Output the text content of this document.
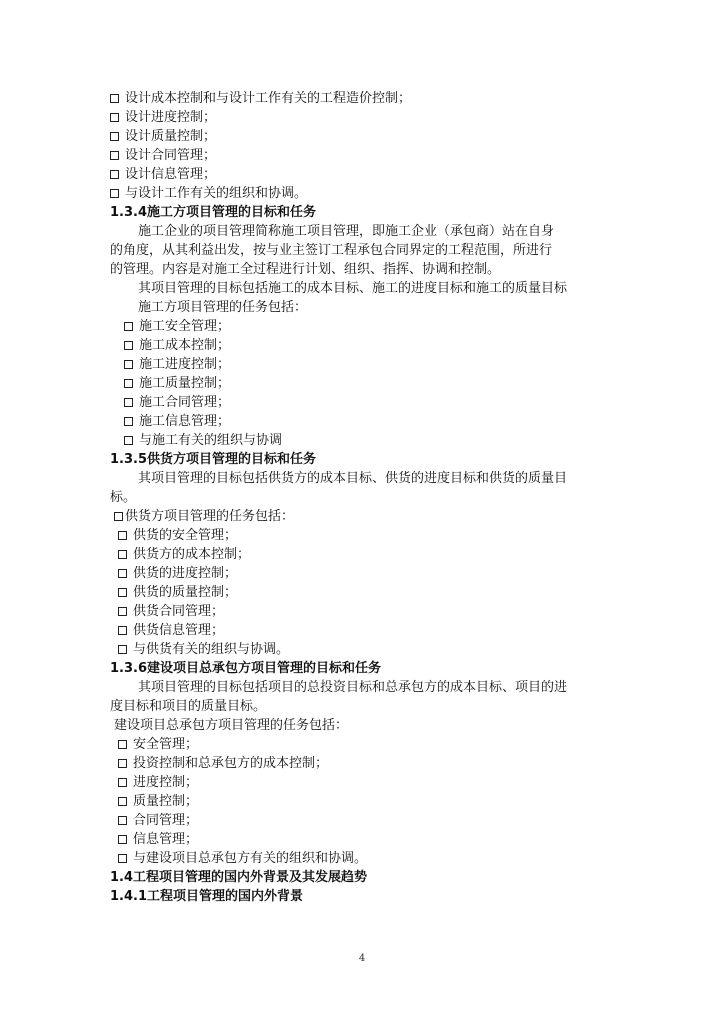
设计成本控制和与设计工作有关的工程造价控制；
设计进度控制；
设计质量控制；
设计合同管理；
设计信息管理；
与设计工作有关的组织和协调。
1.3.4施工方项目管理的目标和任务
施工企业的项目管理简称施工项目管理，即施工企业（承包商）站在自身
的角度，从其利益出发，按与业主签订工程承包合同界定的工程范围，所进行
的管理。内容是对施工全过程进行计划、组织、指挥、协调和控制。
其项目管理的目标包括施工的成本目标、施工的进度目标和施工的质量目标
施工方项目管理的任务包括：
施工安全管理；
施工成本控制；
施工进度控制；
施工质量控制；
施工合同管理；
施工信息管理；
与施工有关的组织与协调
1.3.5供货方项目管理的目标和任务
其项目管理的目标包括供货方的成本目标、供货的进度目标和供货的质量目
标。
供货方项目管理的任务包括：
供货的安全管理；
供货方的成本控制；
供货的进度控制；
供货的质量控制；
供货合同管理；
供货信息管理；
与供货有关的组织与协调。
1.3.6建设项目总承包方项目管理的目标和任务
其项目管理的目标包括项目的总投资目标和总承包方的成本目标、项目的进
度目标和项目的质量目标。
建设项目总承包方项目管理的任务包括：
安全管理；
投资控制和总承包方的成本控制；
进度控制；
质量控制；
合同管理；
信息管理；
与建设项目总承包方有关的组织和协调。
1.4工程项目管理的国内外背景及其发展趋势
1.4.1工程项目管理的国内外背景
4
